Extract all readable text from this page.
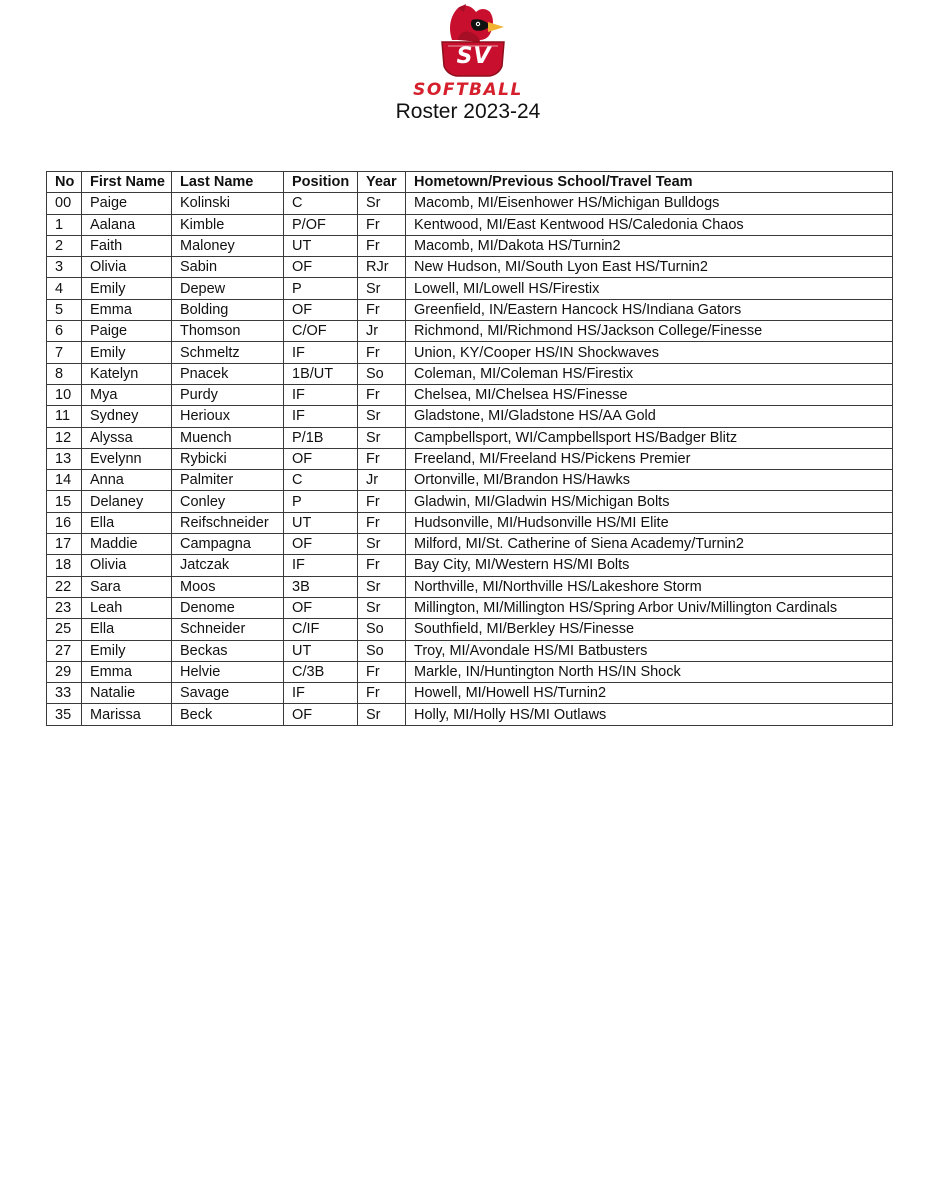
SV
SOFTBALL
Roster 2023-24
No	First Name	Last Name	Position	Year	Hometown/Previous School/Travel Team
00	Paige	Kolinski	C	Sr	Macomb, MI/Eisenhower HS/Michigan Bulldogs
1	Aalana	Kimble	P/OF	Fr	Kentwood, MI/East Kentwood HS/Caledonia Chaos
2	Faith	Maloney	UT	Fr	Macomb, MI/Dakota HS/Turnin2
3	Olivia	Sabin	OF	RJr	New Hudson, MI/South Lyon East HS/Turnin2
4	Emily	Depew	P	Sr	Lowell, MI/Lowell HS/Firestix
5	Emma	Bolding	OF	Fr	Greenfield, IN/Eastern Hancock HS/Indiana Gators
6	Paige	Thomson	C/OF	Jr	Richmond, MI/Richmond HS/Jackson College/Finesse
7	Emily	Schmeltz	IF	Fr	Union, KY/Cooper HS/IN Shockwaves
8	Katelyn	Pnacek	1B/UT	So	Coleman, MI/Coleman HS/Firestix
10	Mya	Purdy	IF	Fr	Chelsea, MI/Chelsea HS/Finesse
11	Sydney	Herioux	IF	Sr	Gladstone, MI/Gladstone HS/AA Gold
12	Alyssa	Muench	P/1B	Sr	Campbellsport, WI/Campbellsport HS/Badger Blitz
13	Evelynn	Rybicki	OF	Fr	Freeland, MI/Freeland HS/Pickens Premier
14	Anna	Palmiter	C	Jr	Ortonville, MI/Brandon HS/Hawks
15	Delaney	Conley	P	Fr	Gladwin, MI/Gladwin HS/Michigan Bolts
16	Ella	Reifschneider	UT	Fr	Hudsonville, MI/Hudsonville HS/MI Elite
17	Maddie	Campagna	OF	Sr	Milford, MI/St. Catherine of Siena Academy/Turnin2
18	Olivia	Jatczak	IF	Fr	Bay City, MI/Western HS/MI Bolts
22	Sara	Moos	3B	Sr	Northville, MI/Northville HS/Lakeshore Storm
23	Leah	Denome	OF	Sr	Millington, MI/Millington HS/Spring Arbor Univ/Millington Cardinals
25	Ella	Schneider	C/IF	So	Southfield, MI/Berkley HS/Finesse
27	Emily	Beckas	UT	So	Troy, MI/Avondale HS/MI Batbusters
29	Emma	Helvie	C/3B	Fr	Markle, IN/Huntington North HS/IN Shock
33	Natalie	Savage	IF	Fr	Howell, MI/Howell HS/Turnin2
35	Marissa	Beck	OF	Sr	Holly, MI/Holly HS/MI Outlaws
